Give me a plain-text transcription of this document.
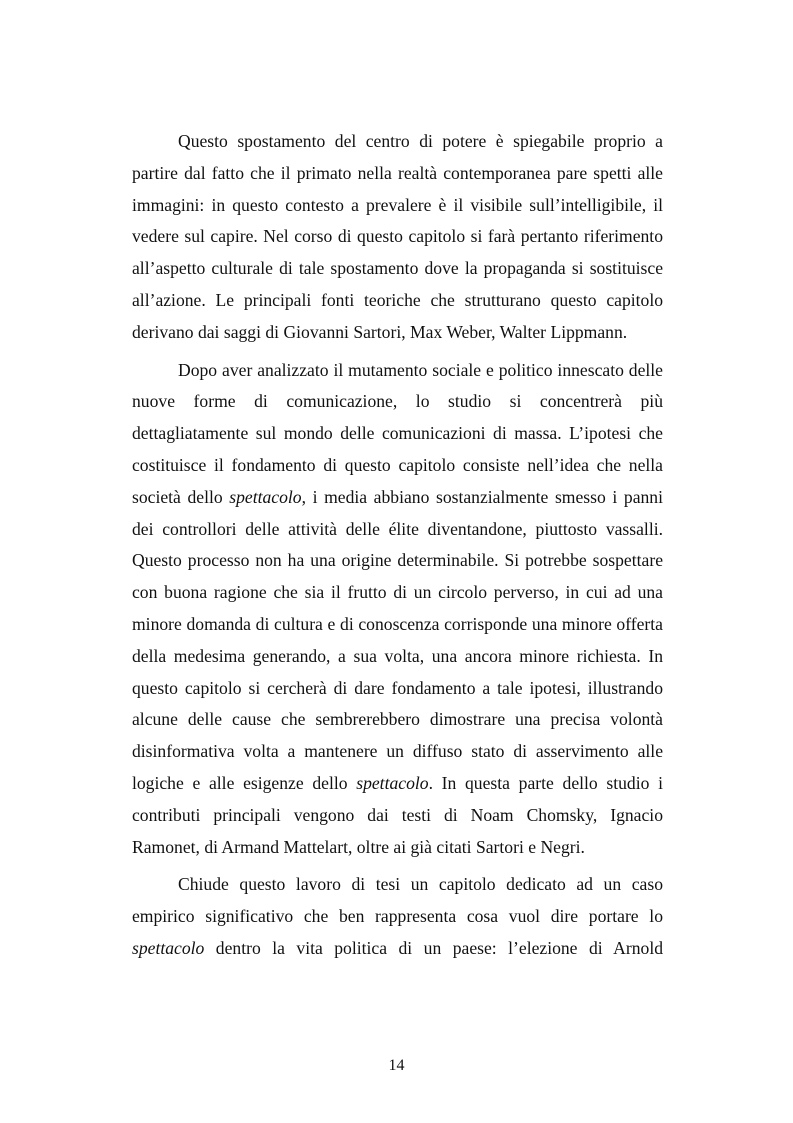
Questo spostamento del centro di potere è spiegabile proprio a partire dal fatto che il primato nella realtà contemporanea pare spetti alle immagini: in questo contesto a prevalere è il visibile sull’intelligibile, il vedere sul capire. Nel corso di questo capitolo si farà pertanto riferimento all’aspetto culturale di tale spostamento dove la propaganda si sostituisce all’azione. Le principali fonti teoriche che strutturano questo capitolo derivano dai saggi di Giovanni Sartori, Max Weber, Walter Lippmann.

Dopo aver analizzato il mutamento sociale e politico innescato delle nuove forme di comunicazione, lo studio si concentrerà più dettagliatamente sul mondo delle comunicazioni di massa. L’ipotesi che costituisce il fondamento di questo capitolo consiste nell’idea che nella società dello spettacolo, i media abbiano sostanzialmente smesso i panni dei controllori delle attività delle élite diventandone, piuttosto vassalli. Questo processo non ha una origine determinabile. Si potrebbe sospettare con buona ragione che sia il frutto di un circolo perverso, in cui ad una minore domanda di cultura e di conoscenza corrisponde una minore offerta della medesima generando, a sua volta, una ancora minore richiesta. In questo capitolo si cercherà di dare fondamento a tale ipotesi, illustrando alcune delle cause che sembrerebbero dimostrare una precisa volontà disinformativa volta a mantenere un diffuso stato di asservimento alle logiche e alle esigenze dello spettacolo. In questa parte dello studio i contributi principali vengono dai testi di Noam Chomsky, Ignacio Ramonet, di Armand Mattelart, oltre ai già citati Sartori e Negri.

Chiude questo lavoro di tesi un capitolo dedicato ad un caso empirico significativo che ben rappresenta cosa vuol dire portare lo spettacolo dentro la vita politica di un paese: l’elezione di Arnold

14
